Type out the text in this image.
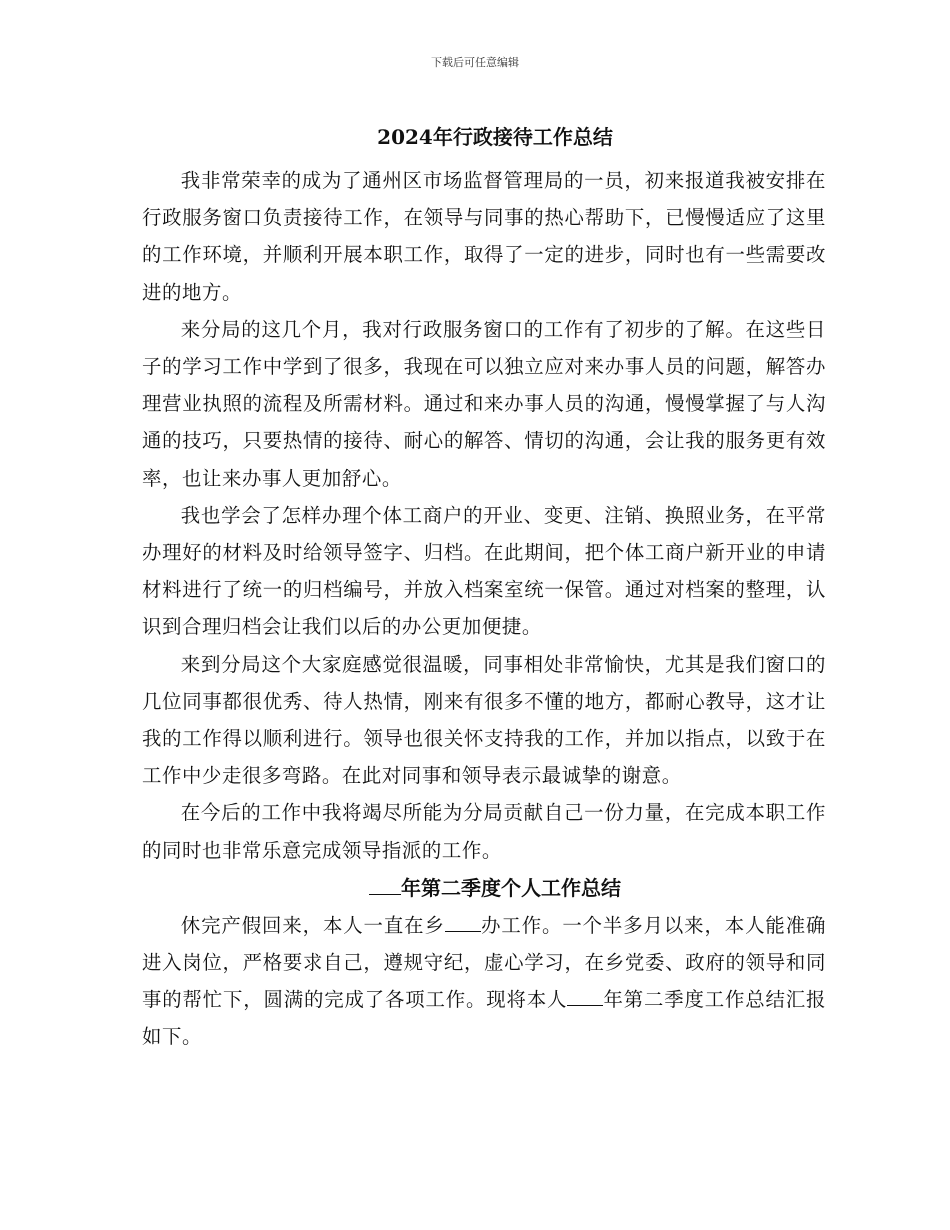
下载后可任意编辑
2024年行政接待工作总结

我非常荣幸的成为了通州区市场监督管理局的一员，初来报道我被安排在行政服务窗口负责接待工作，在领导与同事的热心帮助下，已慢慢适应了这里的工作环境，并顺利开展本职工作，取得了一定的进步，同时也有一些需要改进的地方。

来分局的这几个月，我对行政服务窗口的工作有了初步的了解。在这些日子的学习工作中学到了很多，我现在可以独立应对来办事人员的问题，解答办理营业执照的流程及所需材料。通过和来办事人员的沟通，慢慢掌握了与人沟通的技巧，只要热情的接待、耐心的解答、情切的沟通，会让我的服务更有效率，也让来办事人更加舒心。

我也学会了怎样办理个体工商户的开业、变更、注销、换照业务，在平常办理好的材料及时给领导签字、归档。在此期间，把个体工商户新开业的申请材料进行了统一的归档编号，并放入档案室统一保管。通过对档案的整理，认识到合理归档会让我们以后的办公更加便捷。

来到分局这个大家庭感觉很温暖，同事相处非常愉快，尤其是我们窗口的几位同事都很优秀、待人热情，刚来有很多不懂的地方，都耐心教导，这才让我的工作得以顺利进行。领导也很关怀支持我的工作，并加以指点，以致于在工作中少走很多弯路。在此对同事和领导表示最诚挚的谢意。

在今后的工作中我将竭尽所能为分局贡献自己一份力量，在完成本职工作的同时也非常乐意完成领导指派的工作。

年第二季度个人工作总结

休完产假回来，本人一直在乡 办工作。一个半多月以来，本人能准确进入岗位，严格要求自己，遵规守纪，虚心学习，在乡党委、政府的领导和同事的帮忙下，圆满的完成了各项工作。现将本人 年第二季度工作总结汇报如下。
